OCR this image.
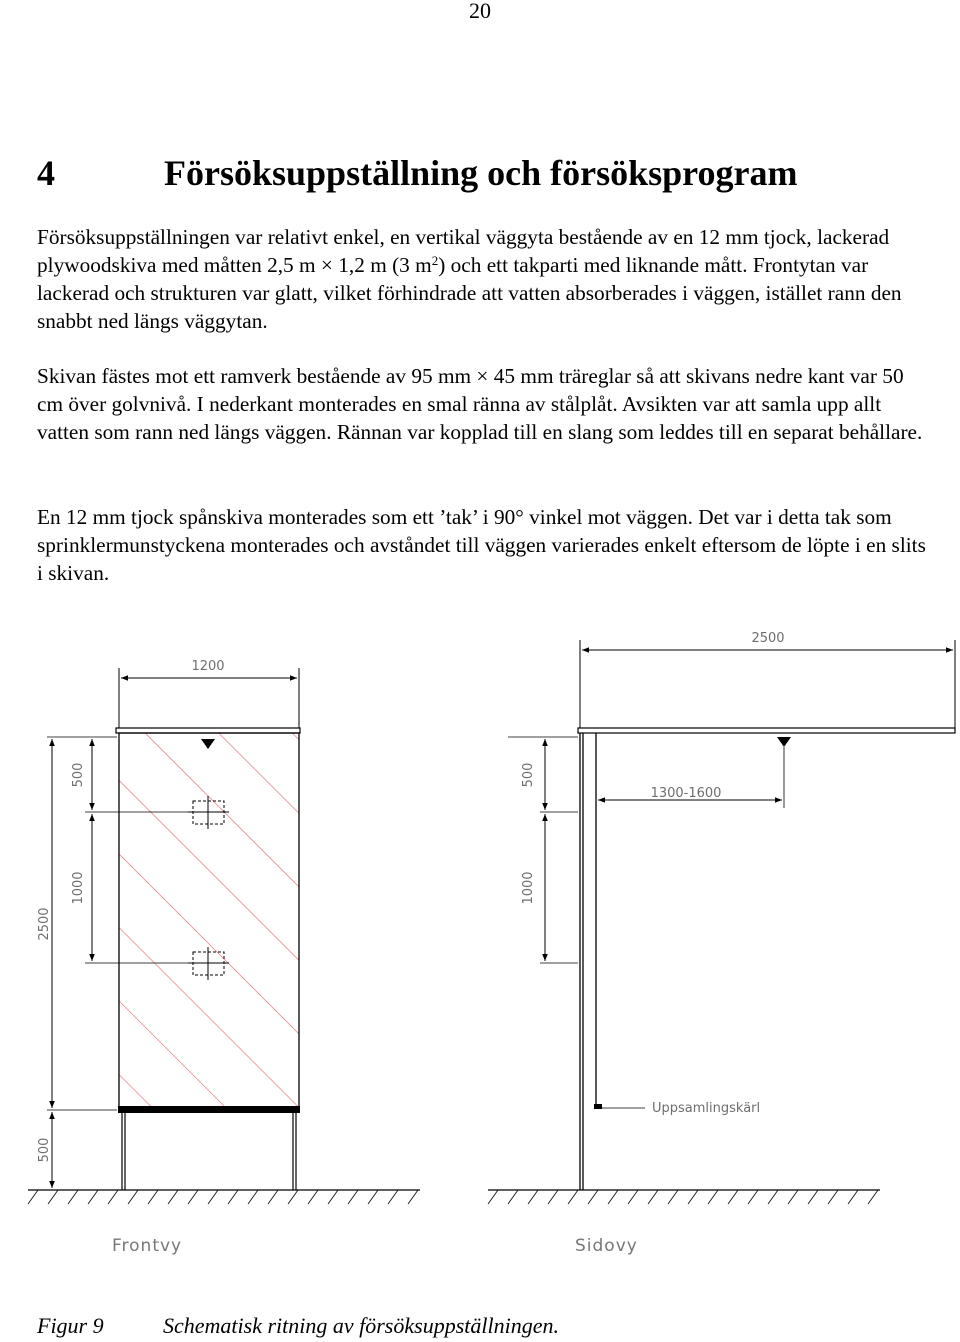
20
4	Försöksuppställning och försöksprogram

Försöksuppställningen var relativt enkel, en vertikal väggyta bestående av en 12 mm tjock, lackerad plywoodskiva med måtten 2,5 m × 1,2 m (3 $m^2$) och ett takparti med liknande mått. Frontytan var lackerad och strukturen var glatt, vilket förhindrade att vatten absorberades i väggen, istället rann den snabbt ned längs väggytan.

Skivan fästes mot ett ramverk bestående av 95 mm × 45 mm träreglar så att skivans nedre kant var 50 cm över golvnivå. I nederkant monterades en smal ränna av stålplåt. Avsikten var att samla upp allt vatten som rann ned längs väggen. Rännan var kopplad till en slang som leddes till en separat behållare.

En 12 mm tjock spånskiva monterades som ett ’tak’ i 90° vinkel mot väggen. Det var i detta tak som sprinklermunstyckena monterades och avståndet till väggen varierades enkelt eftersom de löpte i en slits i skivan.

1200
500
1000
2500
500
Frontvy
2500
Uppsamlingskärl
1300-1600
500
1000
Sidovy
Figur 9	Schematisk ritning av försöksuppställningen.
